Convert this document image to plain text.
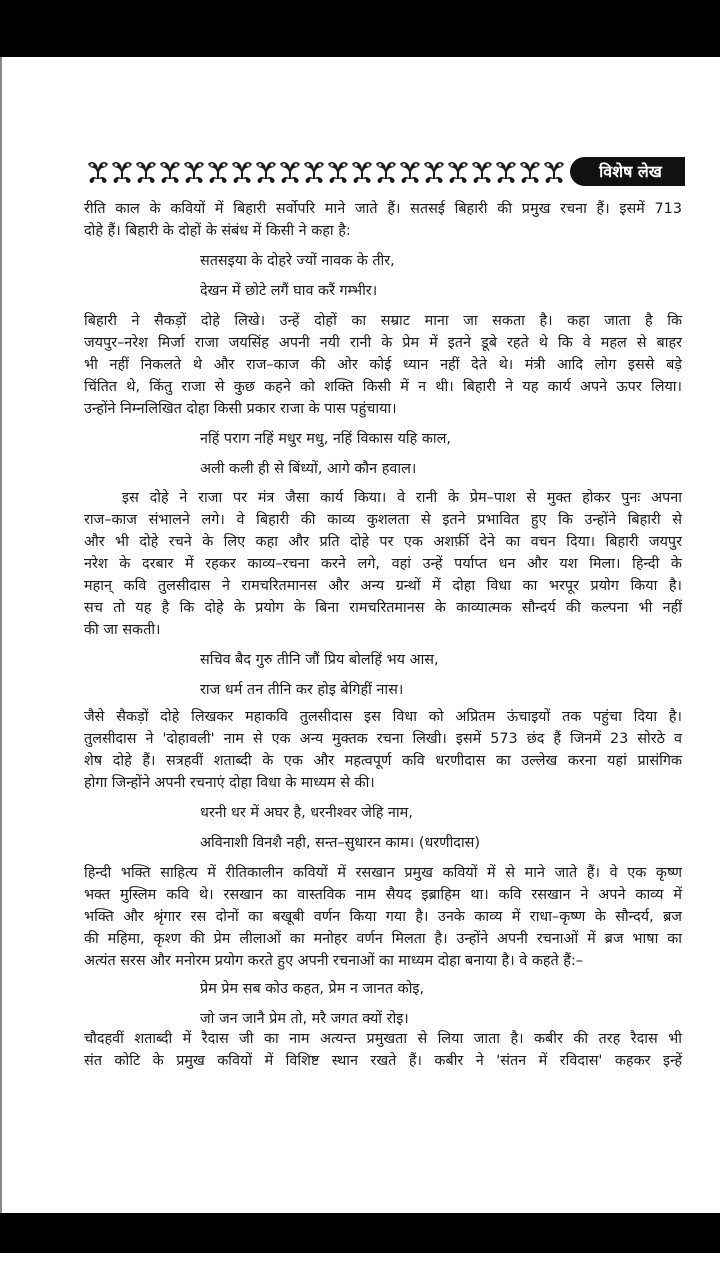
विशेष लेख
रीति काल के कवियों में बिहारी सर्वोपरि माने जाते हैं। सतसई बिहारी की प्रमुख रचना हैं। इसमें 713
दोहे हैं। बिहारी के दोहों के संबंध में किसी ने कहा है:
सतसइया के दोहरे ज्यों नावक के तीर,
देखन में छोटे लगैं घाव करैं गम्भीर।
बिहारी ने सैकड़ों दोहे लिखे। उन्हें दोहों का सम्राट माना जा सकता है। कहा जाता है कि
जयपुर–नरेश मिर्जा राजा जयसिंह अपनी नयी रानी के प्रेम में इतने डूबे रहते थे कि वे महल से बाहर
भी नहीं निकलते थे और राज–काज की ओर कोई ध्यान नहीं देते थे। मंत्री आदि लोग इससे बड़े
चिंतित थे, किंतु राजा से कुछ कहने को शक्ति किसी में न थी। बिहारी ने यह कार्य अपने ऊपर लिया।
उन्होंने निम्नलिखित दोहा किसी प्रकार राजा के पास पहुंचाया।
नहिं पराग नहिं मधुर मधु, नहिं विकास यहि काल,
अली कली ही से बिंध्यों, आगे कौन हवाल।
इस दोहे ने राजा पर मंत्र जैसा कार्य किया। वे रानी के प्रेम–पाश से मुक्त होकर पुनः अपना
राज–काज संभालने लगे। वे बिहारी की काव्य कुशलता से इतने प्रभावित हुए कि उन्होंने बिहारी से
और भी दोहे रचने के लिए कहा और प्रति दोहे पर एक अशर्फ़ी देने का वचन दिया। बिहारी जयपुर
नरेश के दरबार में रहकर काव्य–रचना करने लगे, वहां उन्हें पर्याप्त धन और यश मिला। हिन्दी के
महान् कवि तुलसीदास ने रामचरितमानस और अन्य ग्रन्थों में दोहा विधा का भरपूर प्रयोग किया है।
सच तो यह है कि दोहे के प्रयोग के बिना रामचरितमानस के काव्यात्मक सौन्दर्य की कल्पना भी नहीं
की जा सकती।
सचिव बैद गुरु तीनि जौं प्रिय बोलहिं भय आस,
राज धर्म तन तीनि कर होइ बेगिहीं नास।
जैसे सैकड़ों दोहे लिखकर महाकवि तुलसीदास इस विधा को अप्रितम ऊंचाइयों तक पहुंचा दिया है।
तुलसीदास ने 'दोहावली' नाम से एक अन्य मुक्तक रचना लिखी। इसमें 573 छंद हैं जिनमें 23 सोरठे व
शेष दोहे हैं। सत्रहवीं शताब्दी के एक और महत्वपूर्ण कवि धरणीदास का उल्लेख करना यहां प्रासंगिक
होगा जिन्होंने अपनी रचनाएं दोहा विधा के माध्यम से की।
धरनी धर में अघर है, धरनीश्वर जेहि नाम,
अविनाशी विनशै नही, सन्त–सुधारन काम। (धरणीदास)
हिन्दी भक्ति साहित्य में रीतिकालीन कवियों में रसखान प्रमुख कवियों में से माने जाते हैं। वे एक कृष्ण
भक्त मुस्लिम कवि थे। रसखान का वास्तविक नाम सैयद इब्राहिम था। कवि रसखान ने अपने काव्य में
भक्ति और श्रृंगार रस दोनों का बखूबी वर्णन किया गया है। उनके काव्य में राधा–कृष्ण के सौन्दर्य, ब्रज
की महिमा, कृश्ण की प्रेम लीलाओं का मनोहर वर्णन मिलता है। उन्होंने अपनी रचनाओं में ब्रज भाषा का
अत्यंत सरस और मनोरम प्रयोग करते हुए अपनी रचनाओं का माध्यम दोहा बनाया है। वे कहते हैं:–
प्रेम प्रेम सब कोउ कहत, प्रेम न जानत कोइ,
जो जन जानै प्रेम तो, मरै जगत क्यों रोइ।
चौदहवीं शताब्दी में रैदास जी का नाम अत्यन्त प्रमुखता से लिया जाता है। कबीर की तरह रैदास भी
संत कोटि के प्रमुख कवियों में विशिष्ट स्थान रखते हैं। कबीर ने 'संतन में रविदास' कहकर इन्हें
